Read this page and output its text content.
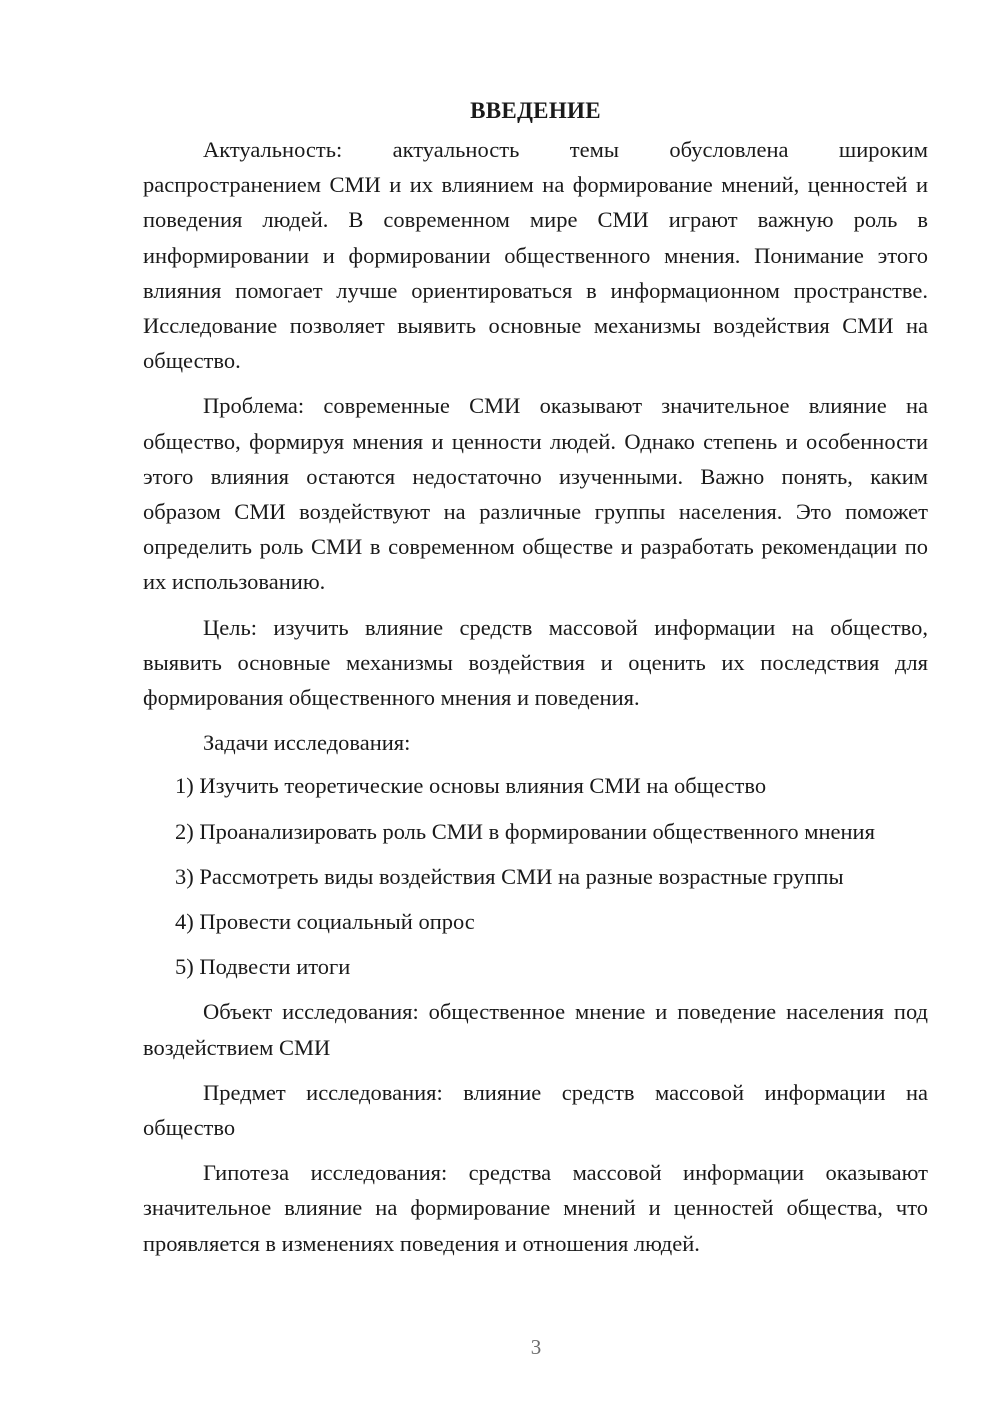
ВВЕДЕНИЕ

Актуальность: актуальность темы обусловлена широким распространением СМИ и их влиянием на формирование мнений, ценностей и поведения людей. В современном мире СМИ играют важную роль в информировании и формировании общественного мнения. Понимание этого влияния помогает лучше ориентироваться в информационном пространстве. Исследование позволяет выявить основные механизмы воздействия СМИ на общество.

Проблема: современные СМИ оказывают значительное влияние на общество, формируя мнения и ценности людей. Однако степень и особенности этого влияния остаются недостаточно изученными. Важно понять, каким образом СМИ воздействуют на различные группы населения. Это поможет определить роль СМИ в современном обществе и разработать рекомендации по их использованию.

Цель: изучить влияние средств массовой информации на общество, выявить основные механизмы воздействия и оценить их последствия для формирования общественного мнения и поведения.

Задачи исследования:

1) Изучить теоретические основы влияния СМИ на общество

2) Проанализировать роль СМИ в формировании общественного мнения

3) Рассмотреть виды воздействия СМИ на разные возрастные группы

4) Провести социальный опрос

5) Подвести итоги

Объект исследования: общественное мнение и поведение населения под воздействием СМИ

Предмет исследования: влияние средств массовой информации на общество

Гипотеза исследования: средства массовой информации оказывают значительное влияние на формирование мнений и ценностей общества, что проявляется в изменениях поведения и отношения людей.

3
